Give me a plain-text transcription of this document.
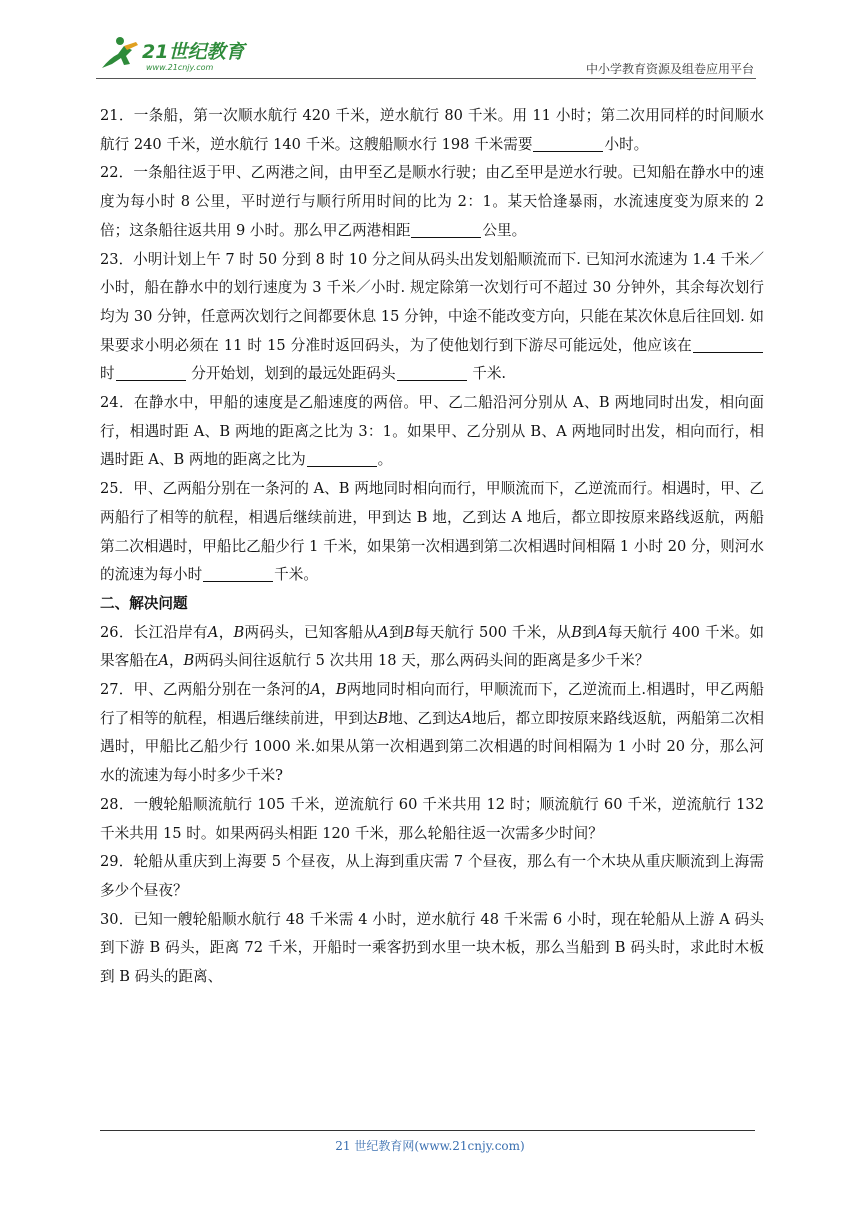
21世纪教育
www.21cnjy.com	中小学教育资源及组卷应用平台

21．一条船，第一次顺水航行 420 千米，逆水航行 80 千米。用 11 小时；第二次用同样的时间顺水航行 240 千米，逆水航行 140 千米。这艘船顺水行 198 千米需要	小时。

22．一条船往返于甲、乙两港之间，由甲至乙是顺水行驶；由乙至甲是逆水行驶。已知船在静水中的速度为每小时 8 公里，平时逆行与顺行所用时间的比为 2：1。某天恰逢暴雨，水流速度变为原来的 2 倍；这条船往返共用 9 小时。那么甲乙两港相距	公里。

23．小明计划上午 7 时 50 分到 8 时 10 分之间从码头出发划船顺流而下. 已知河水流速为 1.4 千米／小时，船在静水中的划行速度为 3 千米／小时. 规定除第一次划行可不超过 30 分钟外，其余每次划行均为 30 分钟，任意两次划行之间都要休息 15 分钟，中途不能改变方向，只能在某次休息后往回划. 如果要求小明必须在 11 时 15 分准时返回码头，为了使他划行到下游尽可能远处，他应该在 时	分开始划，划到的最远处距码头	千米.

24．在静水中，甲船的速度是乙船速度的两倍。甲、乙二船沿河分别从 A、B 两地同时出发，相向面行，相遇时距 A、B 两地的距离之比为 3：1。如果甲、乙分别从 B、A 两地同时出发，相向而行，相遇时距 A、B 两地的距离之比为	。

25．甲、乙两船分别在一条河的 A、B 两地同时相向而行，甲顺流而下，乙逆流而行。相遇时，甲、乙两船行了相等的航程，相遇后继续前进，甲到达 B 地，乙到达 A 地后，都立即按原来路线返航，两船第二次相遇时，甲船比乙船少行 1 千米，如果第一次相遇到第二次相遇时间相隔 1 小时 20 分，则河水的流速为每小时	千米。

二、解决问题

26．长江沿岸有A，B两码头，已知客船从A到B每天航行 500 千米，从B到A每天航行 400 千米。如果客船在A，B两码头间往返航行 5 次共用 18 天，那么两码头间的距离是多少千米？

27．甲、乙两船分别在一条河的A，B两地同时相向而行，甲顺流而下，乙逆流而上.相遇时，甲乙两船行了相等的航程，相遇后继续前进，甲到达B地、乙到达A地后，都立即按原来路线返航，两船第二次相遇时，甲船比乙船少行 1000 米.如果从第一次相遇到第二次相遇的时间相隔为 1 小时 20 分，那么河水的流速为每小时多少千米?

28．一艘轮船顺流航行 105 千米，逆流航行 60 千米共用 12 时；顺流航行 60 千米，逆流航行 132 千米共用 15 时。如果两码头相距 120 千米，那么轮船往返一次需多少时间？

29．轮船从重庆到上海要 5 个昼夜，从上海到重庆需 7 个昼夜，那么有一个木块从重庆顺流到上海需多少个昼夜？

30．已知一艘轮船顺水航行 48 千米需 4 小时，逆水航行 48 千米需 6 小时，现在轮船从上游 A 码头到下游 B 码头，距离 72 千米，开船时一乘客扔到水里一块木板，那么当船到 B 码头时，求此时木板到 B 码头的距离、

21 世纪教育网(www.21cnjy.com)
